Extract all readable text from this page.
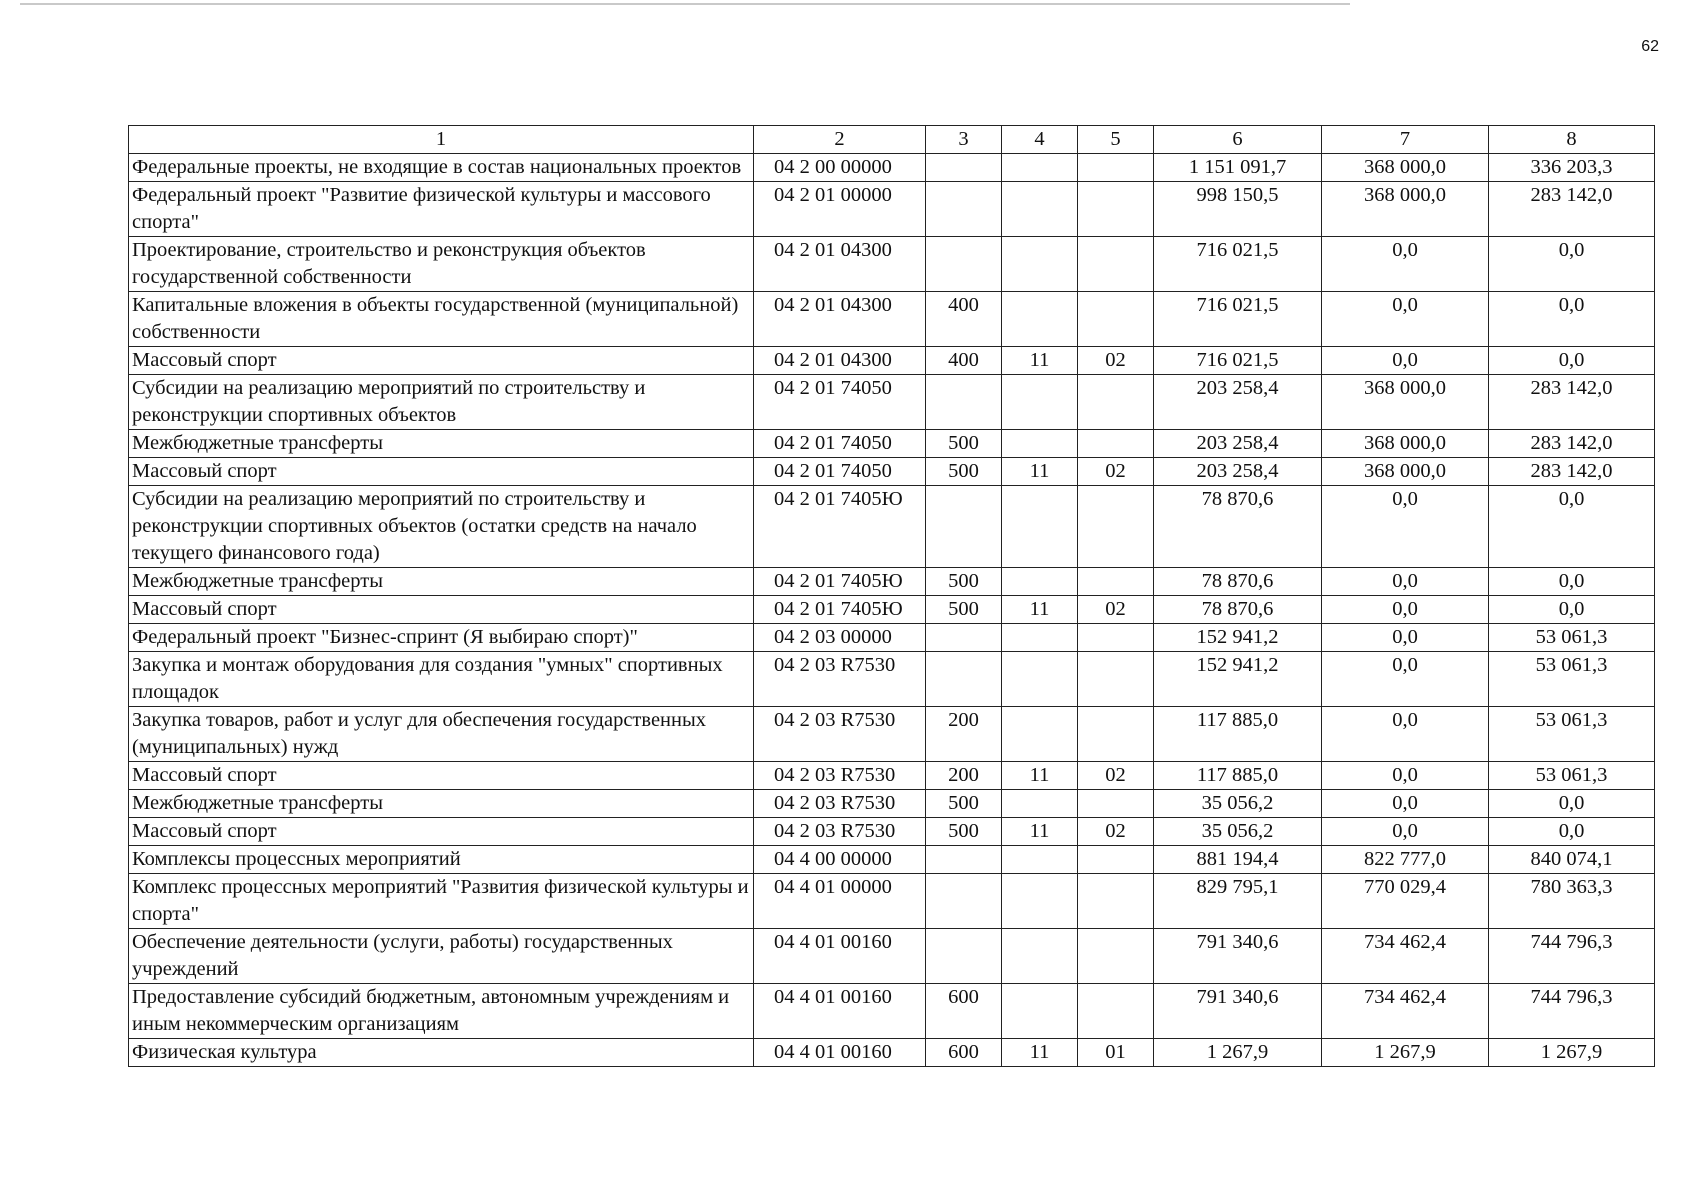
62
1	2	3	4	5	6	7	8
Федеральные проекты, не входящие в состав национальных проектов	04 2 00 00000				1 151 091,7	368 000,0	336 203,3
Федеральный проект "Развитие физической культуры и массового спорта"	04 2 01 00000				998 150,5	368 000,0	283 142,0
Проектирование, строительство и реконструкция объектов государственной собственности	04 2 01 04300				716 021,5	0,0	0,0
Капитальные вложения в объекты государственной (муниципальной) собственности	04 2 01 04300	400			716 021,5	0,0	0,0
Массовый спорт	04 2 01 04300	400	11	02	716 021,5	0,0	0,0
Субсидии на реализацию мероприятий по строительству и реконструкции спортивных объектов	04 2 01 74050				203 258,4	368 000,0	283 142,0
Межбюджетные трансферты	04 2 01 74050	500			203 258,4	368 000,0	283 142,0
Массовый спорт	04 2 01 74050	500	11	02	203 258,4	368 000,0	283 142,0
Субсидии на реализацию мероприятий по строительству и реконструкции спортивных объектов (остатки средств на начало текущего финансового года)	04 2 01 7405Ю				78 870,6	0,0	0,0
Межбюджетные трансферты	04 2 01 7405Ю	500			78 870,6	0,0	0,0
Массовый спорт	04 2 01 7405Ю	500	11	02	78 870,6	0,0	0,0
Федеральный проект "Бизнес-спринт (Я выбираю спорт)"	04 2 03 00000				152 941,2	0,0	53 061,3
Закупка и монтаж оборудования для создания "умных" спортивных площадок	04 2 03 R7530				152 941,2	0,0	53 061,3
Закупка товаров, работ и услуг для обеспечения государственных (муниципальных) нужд	04 2 03 R7530	200			117 885,0	0,0	53 061,3
Массовый спорт	04 2 03 R7530	200	11	02	117 885,0	0,0	53 061,3
Межбюджетные трансферты	04 2 03 R7530	500			35 056,2	0,0	0,0
Массовый спорт	04 2 03 R7530	500	11	02	35 056,2	0,0	0,0
Комплексы процессных мероприятий	04 4 00 00000				881 194,4	822 777,0	840 074,1
Комплекс процессных мероприятий "Развития физической культуры и спорта"	04 4 01 00000				829 795,1	770 029,4	780 363,3
Обеспечение деятельности (услуги, работы) государственных учреждений	04 4 01 00160				791 340,6	734 462,4	744 796,3
Предоставление субсидий бюджетным, автономным учреждениям и иным некоммерческим организациям	04 4 01 00160	600			791 340,6	734 462,4	744 796,3
Физическая культура	04 4 01 00160	600	11	01	1 267,9	1 267,9	1 267,9
